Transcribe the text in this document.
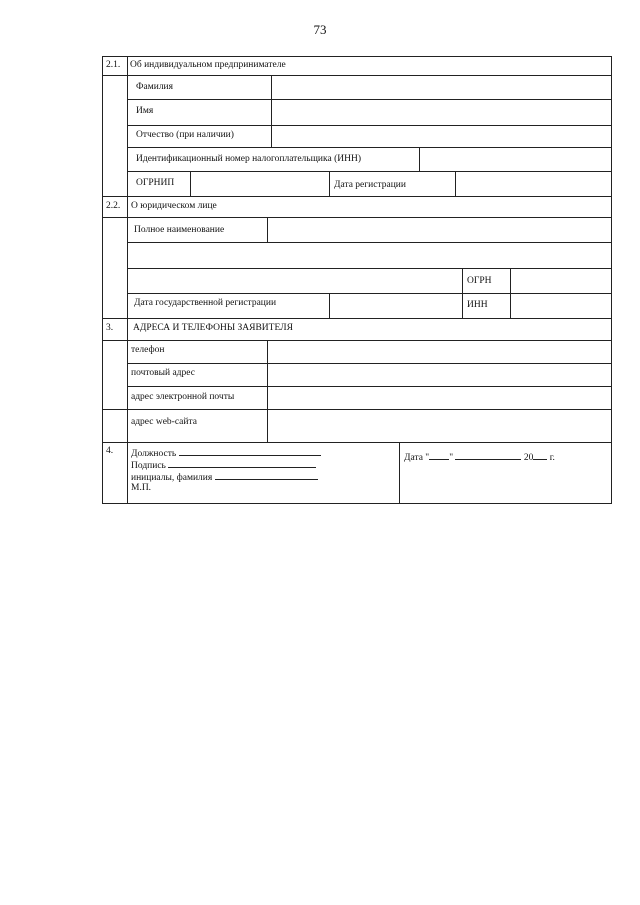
73
2.1. Об индивидуальном предпринимателе
Фамилия
Имя
Отчество (при наличии)
Идентификационный номер налогоплательщика (ИНН)
ОГРНИП	Дата регистрации
2.2. О юридическом лице
Полное наименование
ОГРН
Дата государственной регистрации	ИНН
3. АДРЕСА И ТЕЛЕФОНЫ ЗАЯВИТЕЛЯ
телефон
почтовый адрес
адрес электронной почты
адрес web-сайта
4. Должность
Подпись
инициалы, фамилия
М.П.
Дата " "	20 г.
